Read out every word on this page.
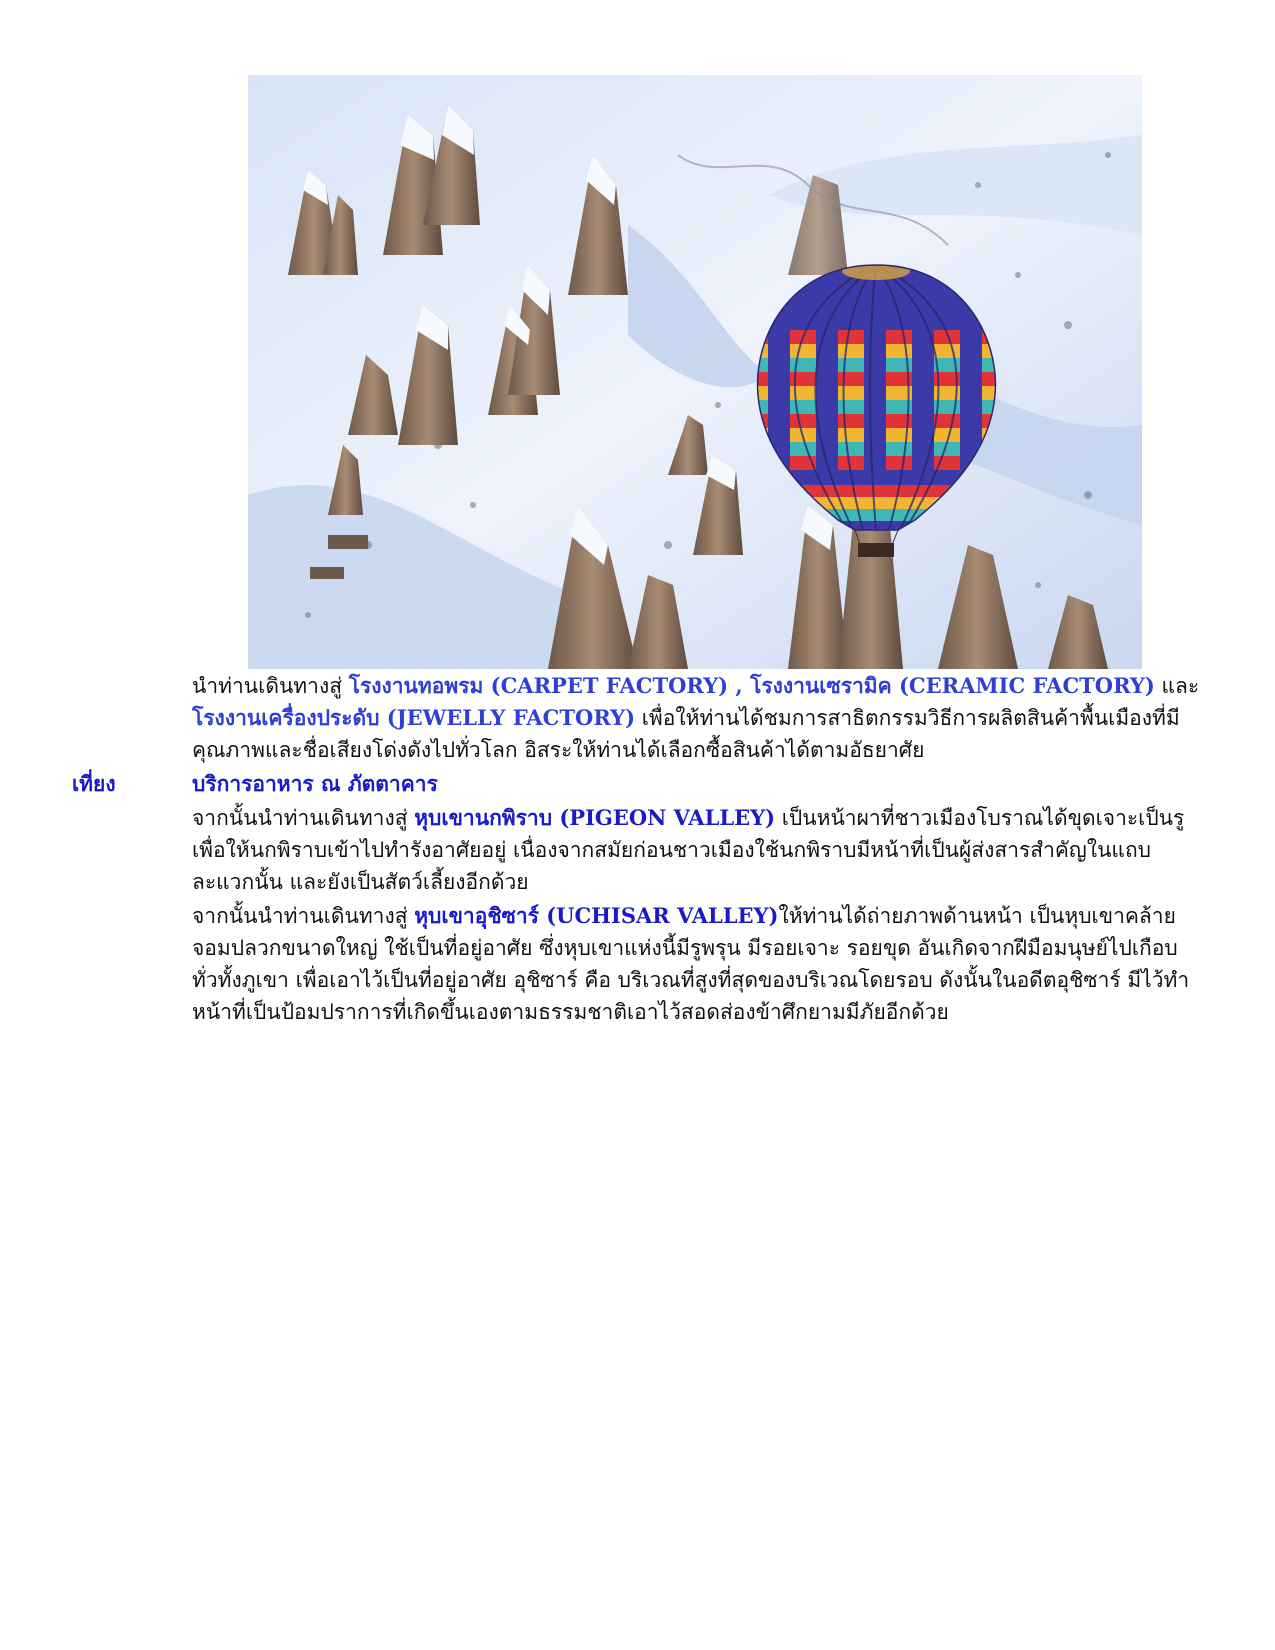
นำท่านเดินทางสู่ โรงงานทอพรม (CARPET FACTORY) , โรงงานเซรามิค (CERAMIC FACTORY) และ
โรงงานเครื่องประดับ (JEWELLY FACTORY) เพื่อให้ท่านได้ชมการสาธิตกรรมวิธีการผลิตสินค้าพื้นเมืองที่มีคุณภาพและชื่อเสียงโด่งดังไปทั่วโลก อิสระให้ท่านได้เลือกซื้อสินค้าได้ตามอัธยาศัย

เที่ยง	บริการอาหาร ณ ภัตตาคาร

จากนั้นนำท่านเดินทางสู่ หุบเขานกพิราบ (PIGEON VALLEY) เป็นหน้าผาที่ชาวเมืองโบราณได้ขุดเจาะเป็นรูเพื่อให้นกพิราบเข้าไปทำรังอาศัยอยู่ เนื่องจากสมัยก่อนชาวเมืองใช้นกพิราบมีหน้าที่เป็นผู้ส่งสารสำคัญในแถบละแวกนั้น และยังเป็นสัตว์เลี้ยงอีกด้วย

จากนั้นนำท่านเดินทางสู่ หุบเขาอุชิซาร์ (UCHISAR VALLEY)ให้ท่านได้ถ่ายภาพด้านหน้า เป็นหุบเขาคล้ายจอมปลวกขนาดใหญ่ ใช้เป็นที่อยู่อาศัย ซึ่งหุบเขาแห่งนี้มีรูพรุน มีรอยเจาะ รอยขุด อันเกิดจากฝีมือมนุษย์ไปเกือบทั่วทั้งภูเขา เพื่อเอาไว้เป็นที่อยู่อาศัย อุชิซาร์ คือ บริเวณที่สูงที่สุดของบริเวณโดยรอบ ดังนั้นในอดีตอุชิซาร์ มีไว้ทำหน้าที่เป็นป้อมปราการที่เกิดขึ้นเองตามธรรมชาติเอาไว้สอดส่องข้าศึกยามมีภัยอีกด้วย
